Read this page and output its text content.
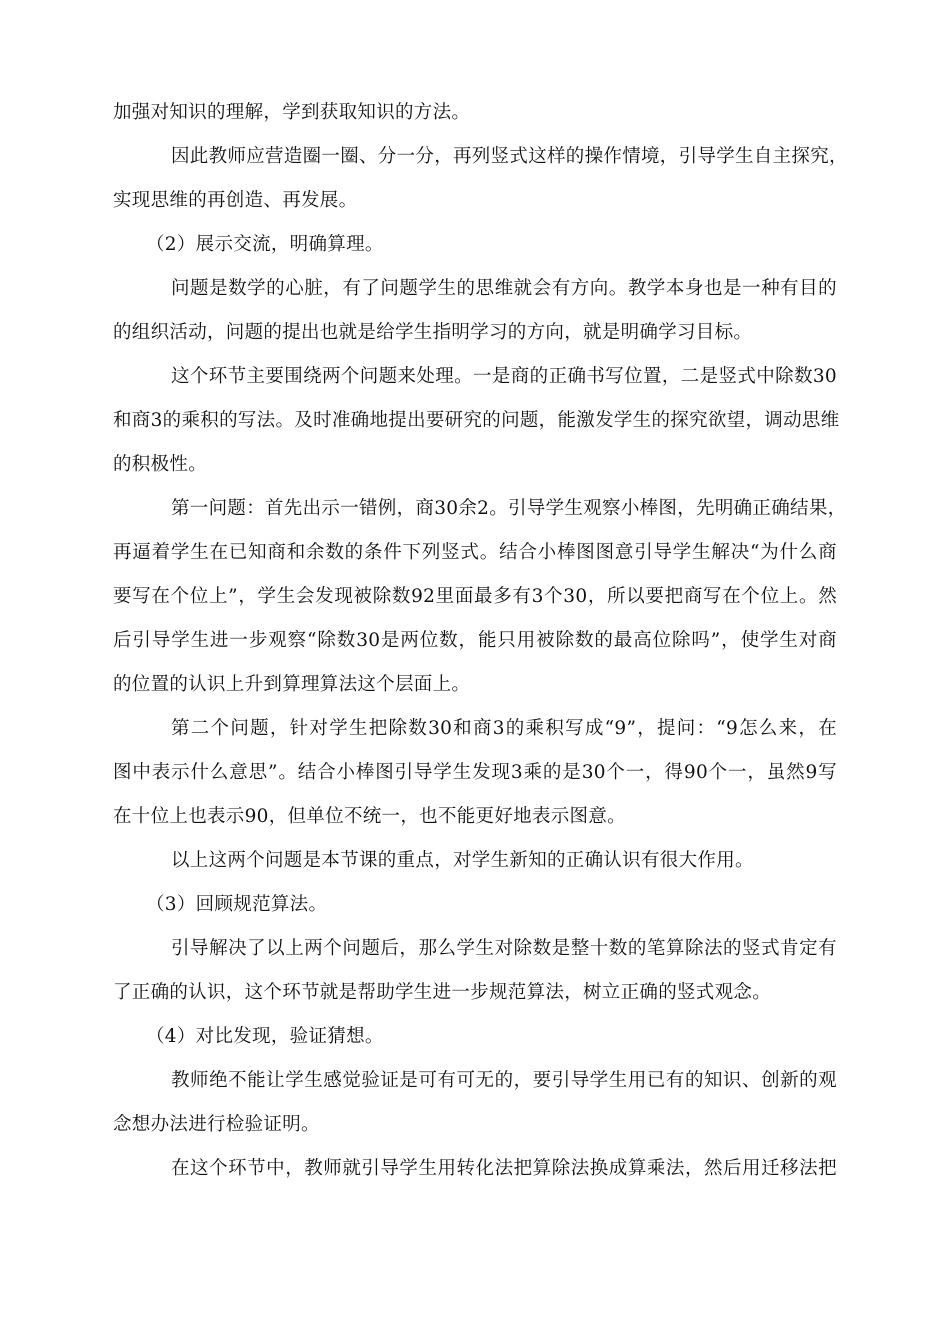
加强对知识的理解，学到获取知识的方法。
因此教师应营造圈一圈、分一分，再列竖式这样的操作情境，引导学生自主探究，
实现思维的再创造、再发展。
（2）展示交流，明确算理。
问题是数学的心脏，有了问题学生的思维就会有方向。教学本身也是一种有目的
的组织活动，问题的提出也就是给学生指明学习的方向，就是明确学习目标。
这个环节主要围绕两个问题来处理。一是商的正确书写位置，二是竖式中除数30
和商3的乘积的写法。及时准确地提出要研究的问题，能激发学生的探究欲望，调动思维
的积极性。
第一问题：首先出示一错例，商30余2。引导学生观察小棒图，先明确正确结果，
再逼着学生在已知商和余数的条件下列竖式。结合小棒图图意引导学生解决“为什么商
要写在个位上”，学生会发现被除数92里面最多有3个30，所以要把商写在个位上。然
后引导学生进一步观察“除数30是两位数，能只用被除数的最高位除吗”，使学生对商
的位置的认识上升到算理算法这个层面上。
第二个问题，针对学生把除数30和商3的乘积写成“9”，提问：“9怎么来，在
图中表示什么意思”。结合小棒图引导学生发现3乘的是30个一，得90个一，虽然9写
在十位上也表示90，但单位不统一，也不能更好地表示图意。
以上这两个问题是本节课的重点，对学生新知的正确认识有很大作用。
（3）回顾规范算法。
引导解决了以上两个问题后，那么学生对除数是整十数的笔算除法的竖式肯定有
了正确的认识，这个环节就是帮助学生进一步规范算法，树立正确的竖式观念。
（4）对比发现，验证猜想。
教师绝不能让学生感觉验证是可有可无的，要引导学生用已有的知识、创新的观
念想办法进行检验证明。
在这个环节中，教师就引导学生用转化法把算除法换成算乘法，然后用迁移法把
